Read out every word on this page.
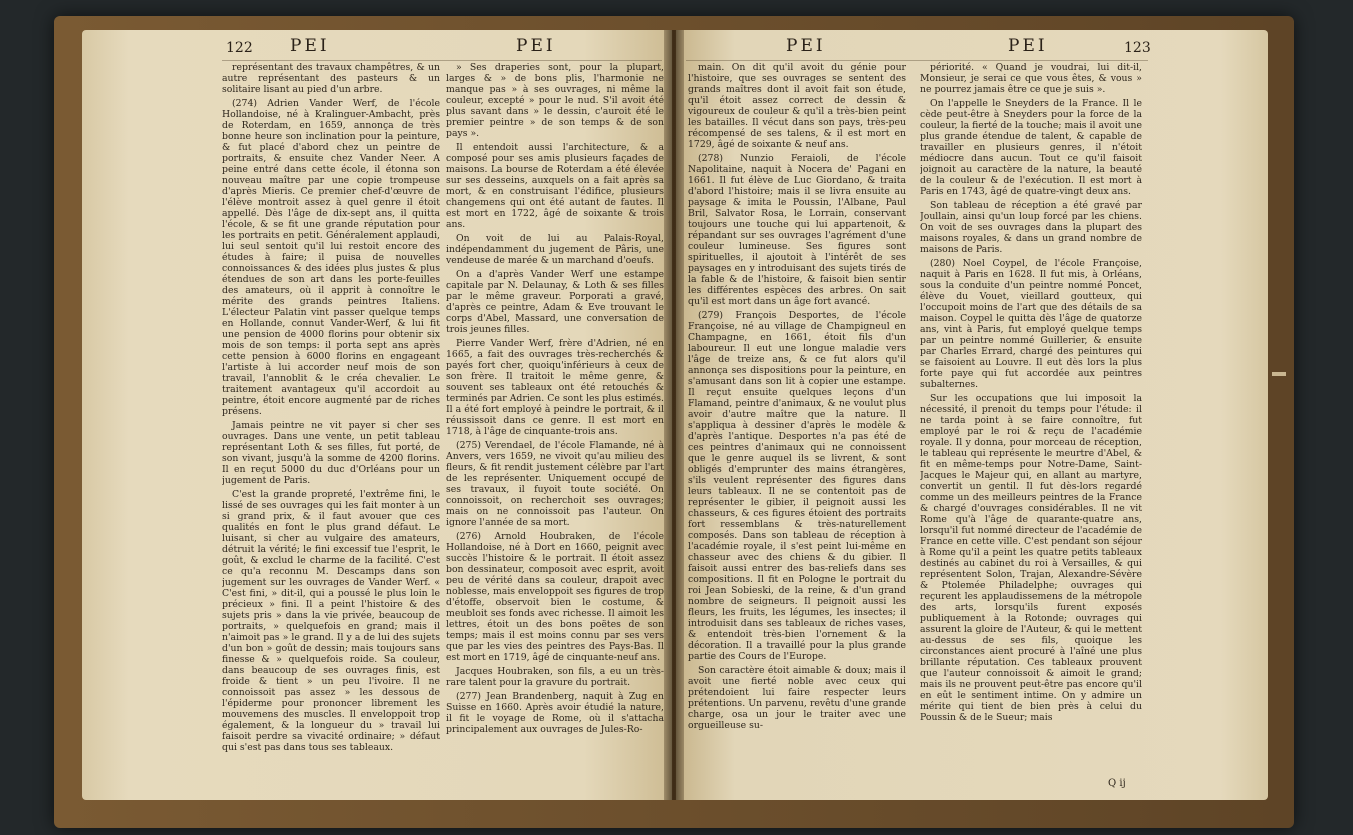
122 PEI	PEI	PEI	PEI	123

représentant des travaux champêtres, & un autre représentant des pasteurs & un solitaire lisant au pied d'un arbre.

(274) Adrien Vander Werf, de l'école Hollandoise, né à Kralinguer-Ambacht, près de Roterdam, en 1659, annonça de très bonne heure son inclination pour la peinture, & fut placé d'abord chez un peintre de portraits, & ensuite chez Vander Neer. A peine entré dans cette école, il étonna son nouveau maître par une copie trompeuse d'après Mieris. Ce premier chef-d'œuvre de l'élève montroit assez à quel genre il étoit appellé. Dès l'âge de dix-sept ans, il quitta l'école, & se fit une grande réputation pour les portraits en petit. Généralement applaudi, lui seul sentoit qu'il lui restoit encore des études à faire; il puisa de nouvelles connoissances & des idées plus justes & plus étendues de son art dans les porte-feuilles des amateurs, où il apprit à connoître le mérite des grands peintres Italiens. L'électeur Palatin vint passer quelque temps en Hollande, connut Vander-Werf, & lui fit une pension de 4000 florins pour obtenir six mois de son temps: il porta sept ans après cette pension à 6000 florins en engageant l'artiste à lui accorder neuf mois de son travail, l'annoblit & le créa chevalier. Le traitement avantageux qu'il accordoit au peintre, étoit encore augmenté par de riches présens.

Jamais peintre ne vit payer si cher ses ouvrages. Dans une vente, un petit tableau représentant Loth & ses filles, fut porté, de son vivant, jusqu'à la somme de 4200 florins. Il en reçut 5000 du duc d'Orléans pour un jugement de Paris.

C'est la grande propreté, l'extrême fini, le lissé de ses ouvrages qui les fait monter à un si grand prix, & il faut avouer que ces qualités en font le plus grand défaut. Le luisant, si cher au vulgaire des amateurs, détruit la vérité; le fini excessif tue l'esprit, le goût, & exclud le charme de la facilité. C'est ce qu'a reconnu M. Descamps dans son jugement sur les ouvrages de Vander Werf. « C'est fini, » dit-il, qui a poussé le plus loin le précieux » fini. Il a peint l'histoire & des sujets pris » dans la vie privée, beaucoup de portraits, » quelquefois en grand; mais il n'aimoit pas » le grand. Il y a de lui des sujets d'un bon » goût de dessin; mais toujours sans finesse & » quelquefois roide. Sa couleur, dans beaucoup de ses ouvrages finis, est froide & tient » un peu l'ivoire. Il ne connoissoit pas assez » les dessous de l'épiderme pour prononcer librement les mouvemens des muscles. Il enveloppoit trop également, & la longueur du » travail lui faisoit perdre sa vivacité ordinaire; » défaut qui s'est pas dans tous ses tableaux.

» Ses draperies sont, pour la plupart, larges & » de bons plis, l'harmonie ne manque pas » à ses ouvrages, ni même la couleur, excepté » pour le nud. S'il avoit été plus savant dans » le dessin, c'auroit été le premier peintre » de son temps & de son pays ».

Il entendoit aussi l'architecture, & a composé pour ses amis plusieurs façades de maisons. La bourse de Roterdam a été élevée sur ses desseins, auxquels on a fait après sa mort, & en construisant l'édifice, plusieurs changemens qui ont été autant de fautes. Il est mort en 1722, âgé de soixante & trois ans.

On voit de lui au Palais-Royal, indépendamment du jugement de Pâris, une vendeuse de marée & un marchand d'oeufs.

On a d'après Vander Werf une estampe capitale par N. Delaunay, & Loth & ses filles par le même graveur. Porporati a gravé, d'après ce peintre, Adam & Eve trouvant le corps d'Abel, Massard, une conversation de trois jeunes filles.

Pierre Vander Werf, frère d'Adrien, né en 1665, a fait des ouvrages très-recherchés & payés fort cher, quoiqu'inférieurs à ceux de son frère. Il traitoit le même genre, & souvent ses tableaux ont été retouchés & terminés par Adrien. Ce sont les plus estimés. Il a été fort employé à peindre le portrait, & il réussissoit dans ce genre. Il est mort en 1718, à l'âge de cinquante-trois ans.

(275) Verendael, de l'école Flamande, né à Anvers, vers 1659, ne vivoit qu'au milieu des fleurs, & fit rendit justement célèbre par l'art de les représenter. Uniquement occupé de ses travaux, il fuyoit toute société. On connoissoit, on recherchoit ses ouvrages; mais on ne connoissoit pas l'auteur. On ignore l'année de sa mort.

(276) Arnold Houbraken, de l'école Hollandoise, né à Dort en 1660, peignit avec succès l'histoire & le portrait. Il étoit assez bon dessinateur, composoit avec esprit, avoit peu de vérité dans sa couleur, drapoit avec noblesse, mais enveloppoit ses figures de trop d'étoffe, observoit bien le costume, & meubloit ses fonds avec richesse. Il aimoit les lettres, étoit un des bons poëtes de son temps; mais il est moins connu par ses vers que par les vies des peintres des Pays-Bas. Il est mort en 1719, âgé de cinquante-neuf ans.

Jacques Houbraken, son fils, a eu un très-rare talent pour la gravure du portrait.

(277) Jean Brandenberg, naquit à Zug en Suisse en 1660. Après avoir étudié la nature, il fit le voyage de Rome, où il s'attacha principalement aux ouvrages de Jules-Ro-

main. On dit qu'il avoit du génie pour l'histoire, que ses ouvrages se sentent des grands maîtres dont il avoit fait son étude, qu'il étoit assez correct de dessin & vigoureux de couleur & qu'il a très-bien peint les batailles. Il vécut dans son pays, très-peu récompensé de ses talens, & il est mort en 1729, âgé de soixante & neuf ans.

(278) Nunzio Feraioli, de l'école Napolitaine, naquit à Nocera de' Pagani en 1661. Il fut élève de Luc Giordano, & traita d'abord l'histoire; mais il se livra ensuite au paysage & imita le Poussin, l'Albane, Paul Bril, Salvator Rosa, le Lorrain, conservant toujours une touche qui lui appartenoit, & répandant sur ses ouvrages l'agrément d'une couleur lumineuse. Ses figures sont spirituelles, il ajoutoit à l'intérêt de ses paysages en y introduisant des sujets tirés de la fable & de l'histoire, & faisoit bien sentir les différentes espèces des arbres. On sait qu'il est mort dans un âge fort avancé.

(279) François Desportes, de l'école Françoise, né au village de Champigneul en Champagne, en 1661, étoit fils d'un laboureur. Il eut une longue maladie vers l'âge de treize ans, & ce fut alors qu'il annonça ses dispositions pour la peinture, en s'amusant dans son lit à copier une estampe. Il reçut ensuite quelques leçons d'un Flamand, peintre d'animaux, & ne voulut plus avoir d'autre maître que la nature. Il s'appliqua à dessiner d'après le modèle & d'après l'antique. Desportes n'a pas été de ces peintres d'animaux qui ne connoissent que le genre auquel ils se livrent, & sont obligés d'emprunter des mains étrangères, s'ils veulent représenter des figures dans leurs tableaux. Il ne se contentoit pas de représenter le gibier, il peignoit aussi les chasseurs, & ces figures étoient des portraits fort ressemblans & très-naturellement composés. Dans son tableau de réception à l'académie royale, il s'est peint lui-même en chasseur avec des chiens & du gibier. Il faisoit aussi entrer des bas-reliefs dans ses compositions. Il fit en Pologne le portrait du roi Jean Sobieski, de la reine, & d'un grand nombre de seigneurs. Il peignoit aussi les fleurs, les fruits, les légumes, les insectes; il introduisit dans ses tableaux de riches vases, & entendoit très-bien l'ornement & la décoration. Il a travaillé pour la plus grande partie des Cours de l'Europe.

Son caractère étoit aimable & doux; mais il avoit une fierté noble avec ceux qui prétendoient lui faire respecter leurs prétentions. Un parvenu, revêtu d'une grande charge, osa un jour le traiter avec une orgueilleuse su-

périorité. « Quand je voudrai, lui dit-il, Monsieur, je serai ce que vous êtes, & vous » ne pourrez jamais être ce que je suis ».

On l'appelle le Sneyders de la France. Il le cède peut-être à Sneyders pour la force de la couleur, la fierté de la touche; mais il avoit une plus grande étendue de talent, & capable de travailler en plusieurs genres, il n'étoit médiocre dans aucun. Tout ce qu'il faisoit joignoit au caractère de la nature, la beauté de la couleur & de l'exécution. Il est mort à Paris en 1743, âgé de quatre-vingt deux ans.

Son tableau de réception a été gravé par Joullain, ainsi qu'un loup forcé par les chiens. On voit de ses ouvrages dans la plupart des maisons royales, & dans un grand nombre de maisons de Paris.

(280) Noel Coypel, de l'école Françoise, naquit à Paris en 1628. Il fut mis, à Orléans, sous la conduite d'un peintre nommé Poncet, élève du Vouet, vieillard goutteux, qui l'occupoit moins de l'art que des détails de sa maison. Coypel le quitta dès l'âge de quatorze ans, vint à Paris, fut employé quelque temps par un peintre nommé Guillerier, & ensuite par Charles Errard, chargé des peintures qui se faisoient au Louvre. Il eut dès lors la plus forte paye qui fut accordée aux peintres subalternes.

Sur les occupations que lui imposoit la nécessité, il prenoit du temps pour l'étude: il ne tarda point à se faire connoître, fut employé par le roi & reçu de l'académie royale. Il y donna, pour morceau de réception, le tableau qui représente le meurtre d'Abel, & fit en même-temps pour Notre-Dame, Saint-Jacques le Majeur qui, en allant au martyre, convertit un gentil. Il fut dès-lors regardé comme un des meilleurs peintres de la France & chargé d'ouvrages considérables. Il ne vit Rome qu'à l'âge de quarante-quatre ans, lorsqu'il fut nommé directeur de l'académie de France en cette ville. C'est pendant son séjour à Rome qu'il a peint les quatre petits tableaux destinés au cabinet du roi à Versailles, & qui représentent Solon, Trajan, Alexandre-Sévère & Ptolemée Philadelphe; ouvrages qui reçurent les applaudissemens de la métropole des arts, lorsqu'ils furent exposés publiquement à la Rotonde; ouvrages qui assurent la gloire de l'Auteur, & qui le mettent au-dessus de ses fils, quoique les circonstances aient procuré à l'aîné une plus brillante réputation. Ces tableaux prouvent que l'auteur connoissoit & aimoit le grand; mais ils ne prouvent peut-être pas encore qu'il en eût le sentiment intime. On y admire un mérite qui tient de bien près à celui du Poussin & de le Sueur; mais

Q ij
